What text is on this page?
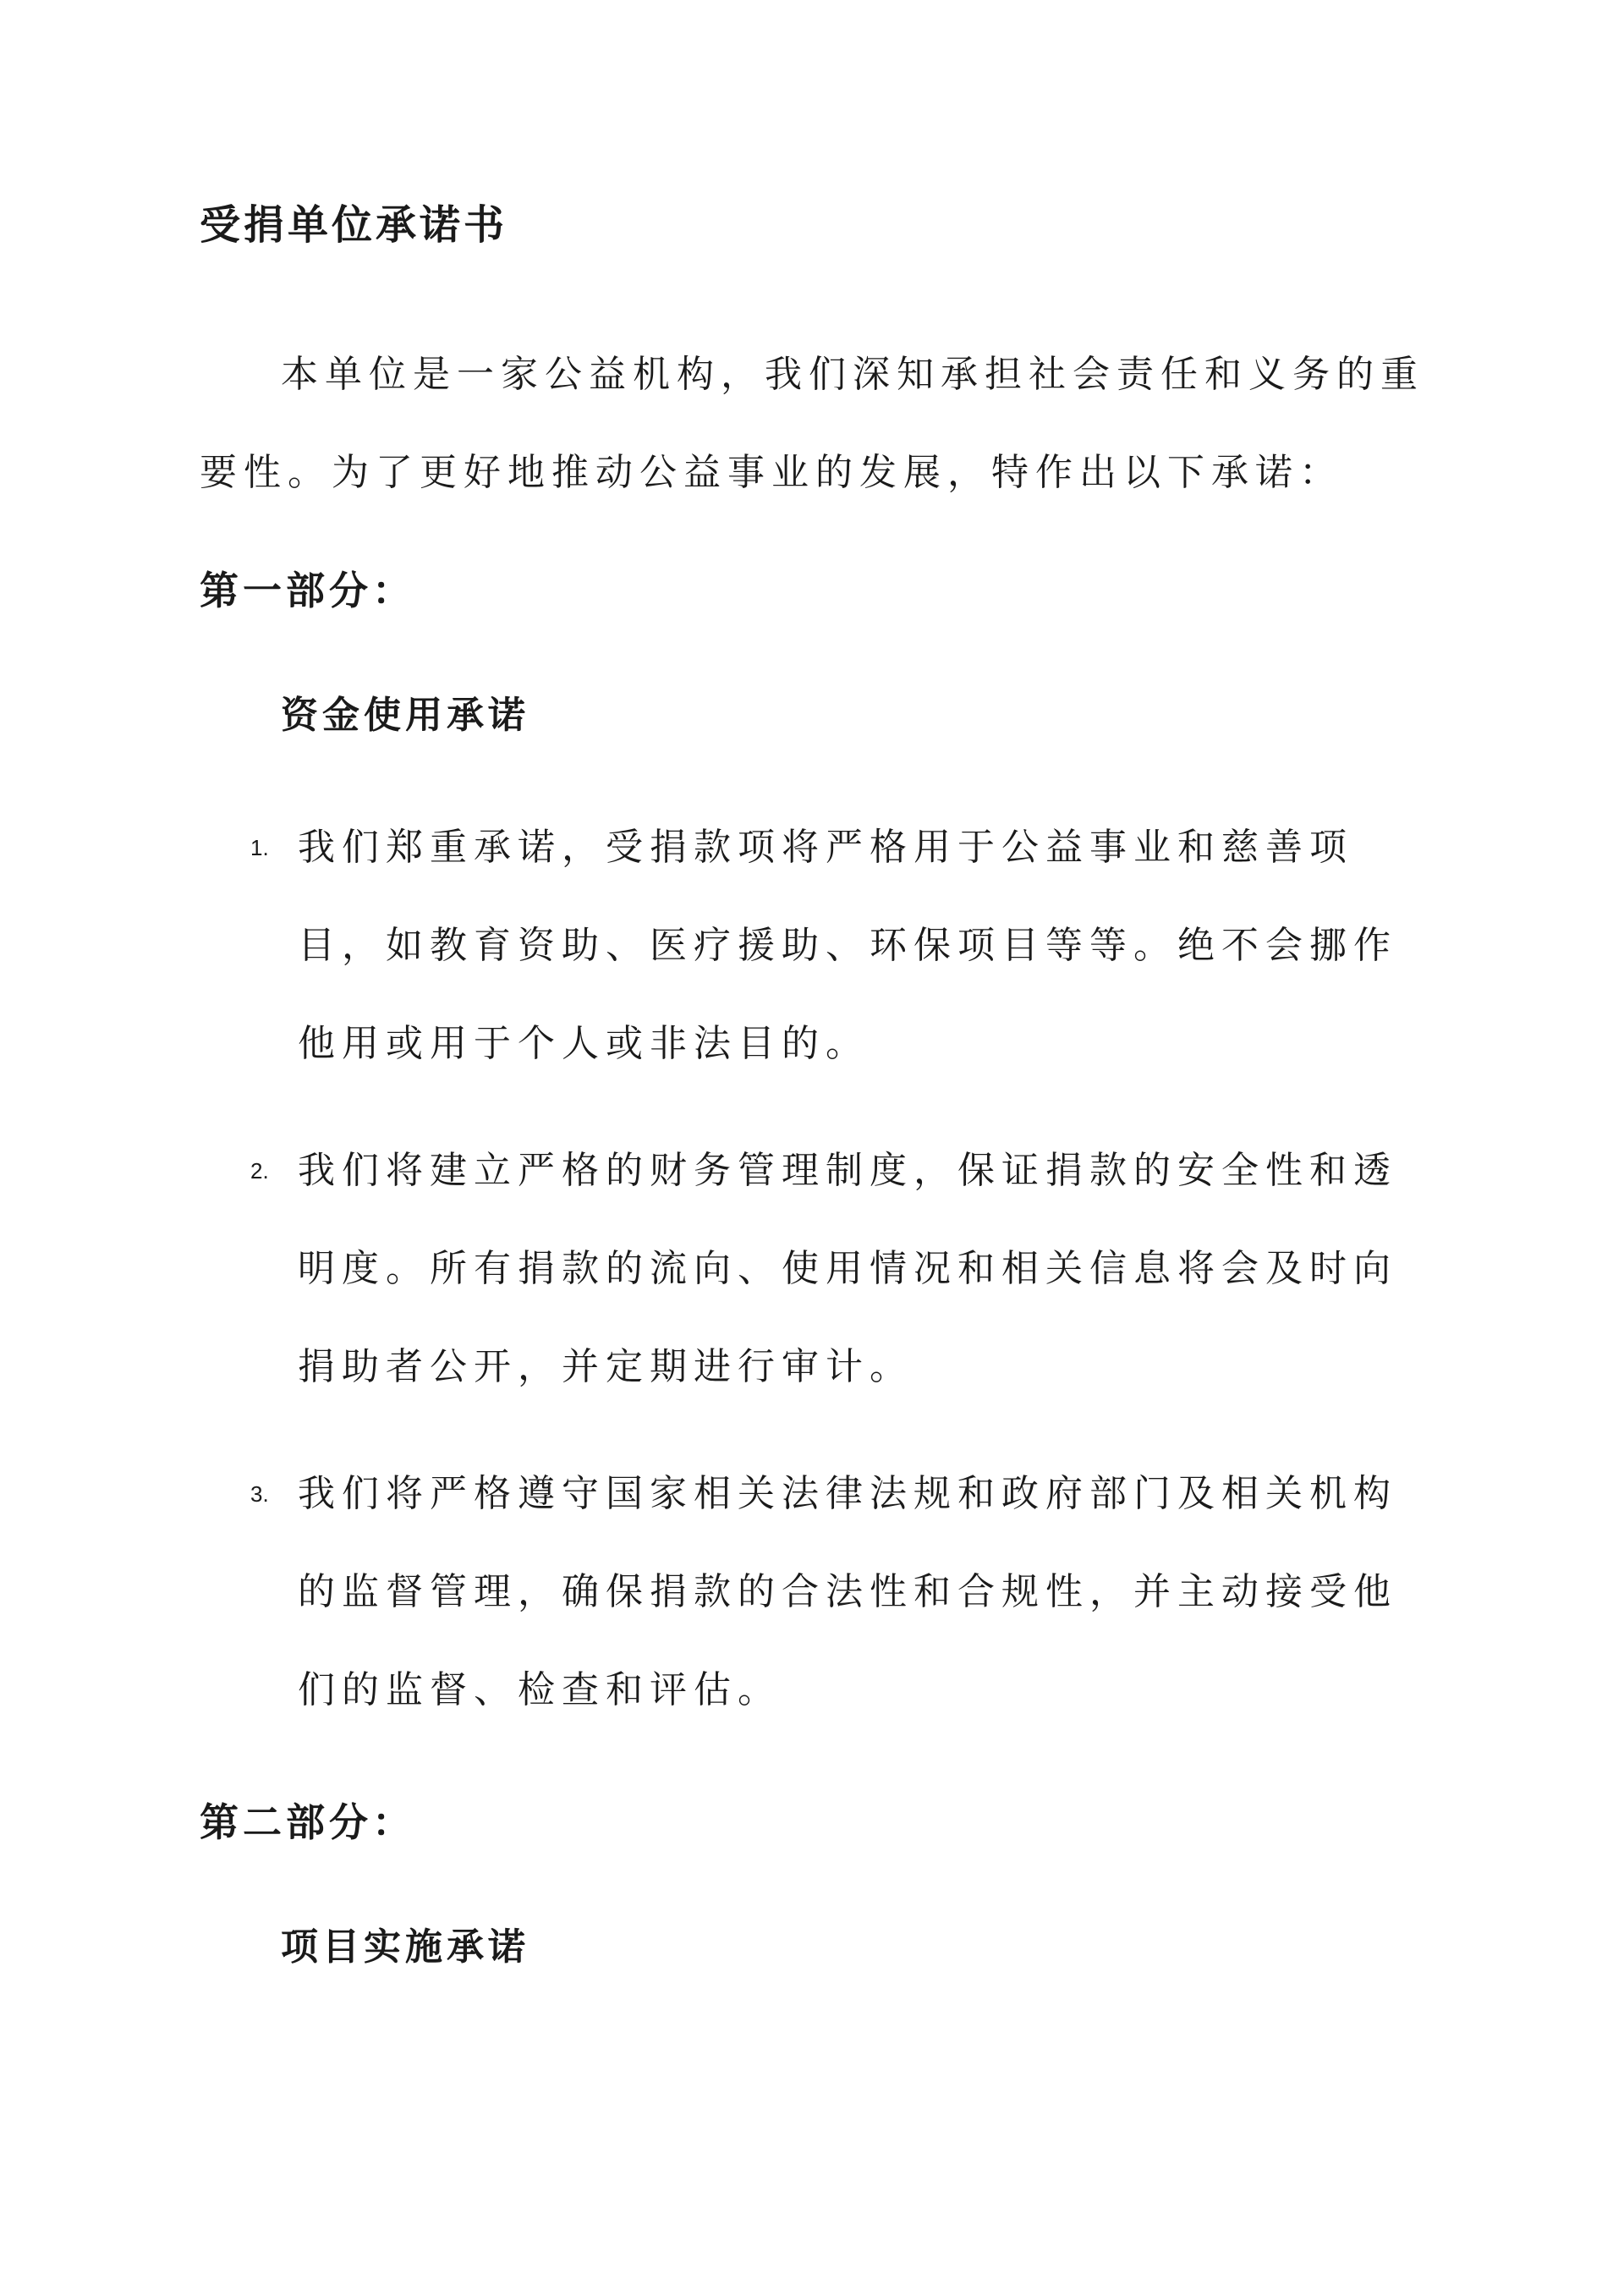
受捐单位承诺书

本单位是一家公益机构，我们深知承担社会责任和义务的重要性。为了更好地推动公益事业的发展，特作出以下承诺：

第一部分：
资金使用承诺
1. 我们郑重承诺，受捐款项将严格用于公益事业和慈善项目，如教育资助、医疗援助、环保项目等等。绝不会挪作他用或用于个人或非法目的。

2. 我们将建立严格的财务管理制度，保证捐款的安全性和透明度。所有捐款的流向、使用情况和相关信息将会及时向捐助者公开，并定期进行审计。

3. 我们将严格遵守国家相关法律法规和政府部门及相关机构的监督管理，确保捐款的合法性和合规性，并主动接受他们的监督、检查和评估。

第二部分：
项目实施承诺
